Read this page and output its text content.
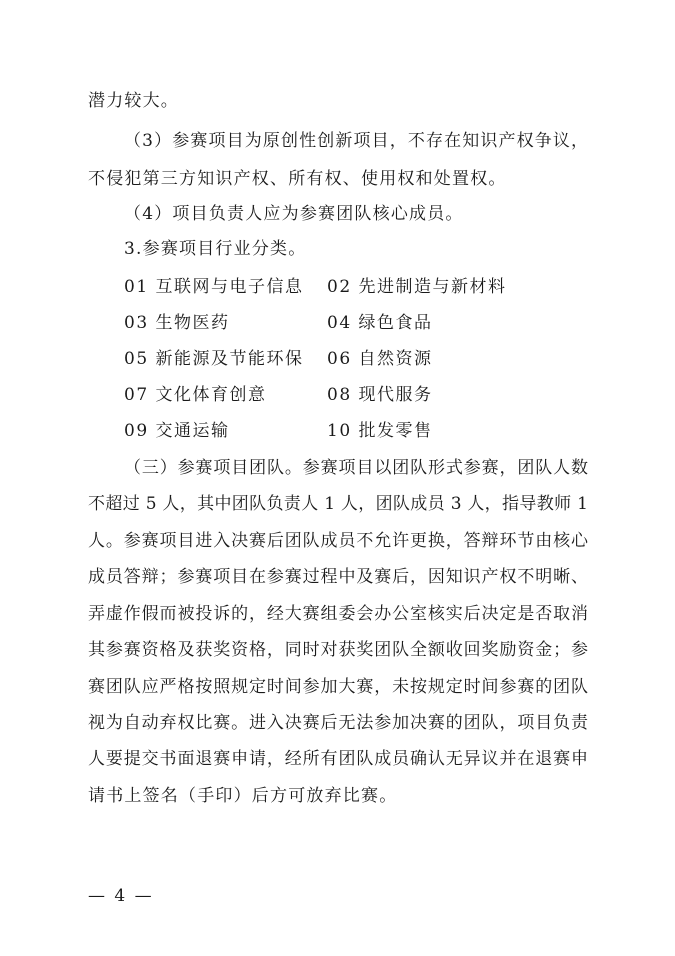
潜力较大。
（3）参赛项目为原创性创新项目，不存在知识产权争议，
不侵犯第三方知识产权、所有权、使用权和处置权。
（4）项目负责人应为参赛团队核心成员。
3.参赛项目行业分类。
01 互联网与电子信息 02 先进制造与新材料
03 生物医药	04 绿色食品
05 新能源及节能环保 06 自然资源
07 文化体育创意	08 现代服务
09 交通运输	10 批发零售
（三）参赛项目团队。参赛项目以团队形式参赛，团队人数
不超过 5 人，其中团队负责人 1 人，团队成员 3 人，指导教师 1
人。参赛项目进入决赛后团队成员不允许更换，答辩环节由核心
成员答辩；参赛项目在参赛过程中及赛后，因知识产权不明晰、
弄虚作假而被投诉的，经大赛组委会办公室核实后决定是否取消
其参赛资格及获奖资格，同时对获奖团队全额收回奖励资金；参
赛团队应严格按照规定时间参加大赛，未按规定时间参赛的团队
视为自动弃权比赛。进入决赛后无法参加决赛的团队，项目负责
人要提交书面退赛申请，经所有团队成员确认无异议并在退赛申
请书上签名（手印）后方可放弃比赛。
— 4 —
